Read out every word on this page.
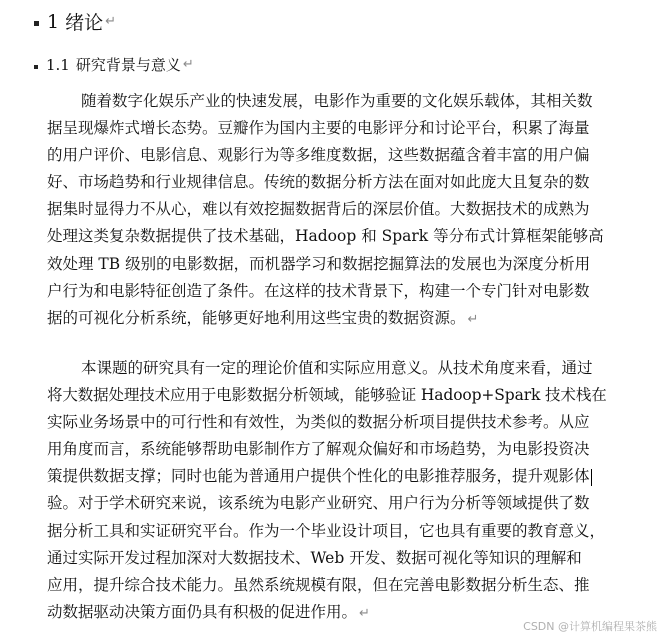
1 绪论 ↵
1.1 研究背景与意义 ↵
随着数字化娱乐产业的快速发展，电影作为重要的文化娱乐载体，其相关数
据呈现爆炸式增长态势。豆瓣作为国内主要的电影评分和讨论平台，积累了海量
的用户评价、电影信息、观影行为等多维度数据，这些数据蕴含着丰富的用户偏
好、市场趋势和行业规律信息。传统的数据分析方法在面对如此庞大且复杂的数
据集时显得力不从心，难以有效挖掘数据背后的深层价值。大数据技术的成熟为
处理这类复杂数据提供了技术基础，Hadoop 和 Spark 等分布式计算框架能够高
效处理 TB 级别的电影数据，而机器学习和数据挖掘算法的发展也为深度分析用
户行为和电影特征创造了条件。在这样的技术背景下，构建一个专门针对电影数
据的可视化分析系统，能够更好地利用这些宝贵的数据资源。 ↵
本课题的研究具有一定的理论价值和实际应用意义。从技术角度来看，通过
将大数据处理技术应用于电影数据分析领域，能够验证 Hadoop+Spark 技术栈在
实际业务场景中的可行性和有效性，为类似的数据分析项目提供技术参考。从应
用角度而言，系统能够帮助电影制作方了解观众偏好和市场趋势，为电影投资决
策提供数据支撑；同时也能为普通用户提供个性化的电影推荐服务，提升观影体
验。对于学术研究来说，该系统为电影产业研究、用户行为分析等领域提供了数
据分析工具和实证研究平台。作为一个毕业设计项目，它也具有重要的教育意义，
通过实际开发过程加深对大数据技术、Web 开发、数据可视化等知识的理解和
应用，提升综合技术能力。虽然系统规模有限，但在完善电影数据分析生态、推
动数据驱动决策方面仍具有积极的促进作用。 ↵
CSDN @计算机编程果茶熊
